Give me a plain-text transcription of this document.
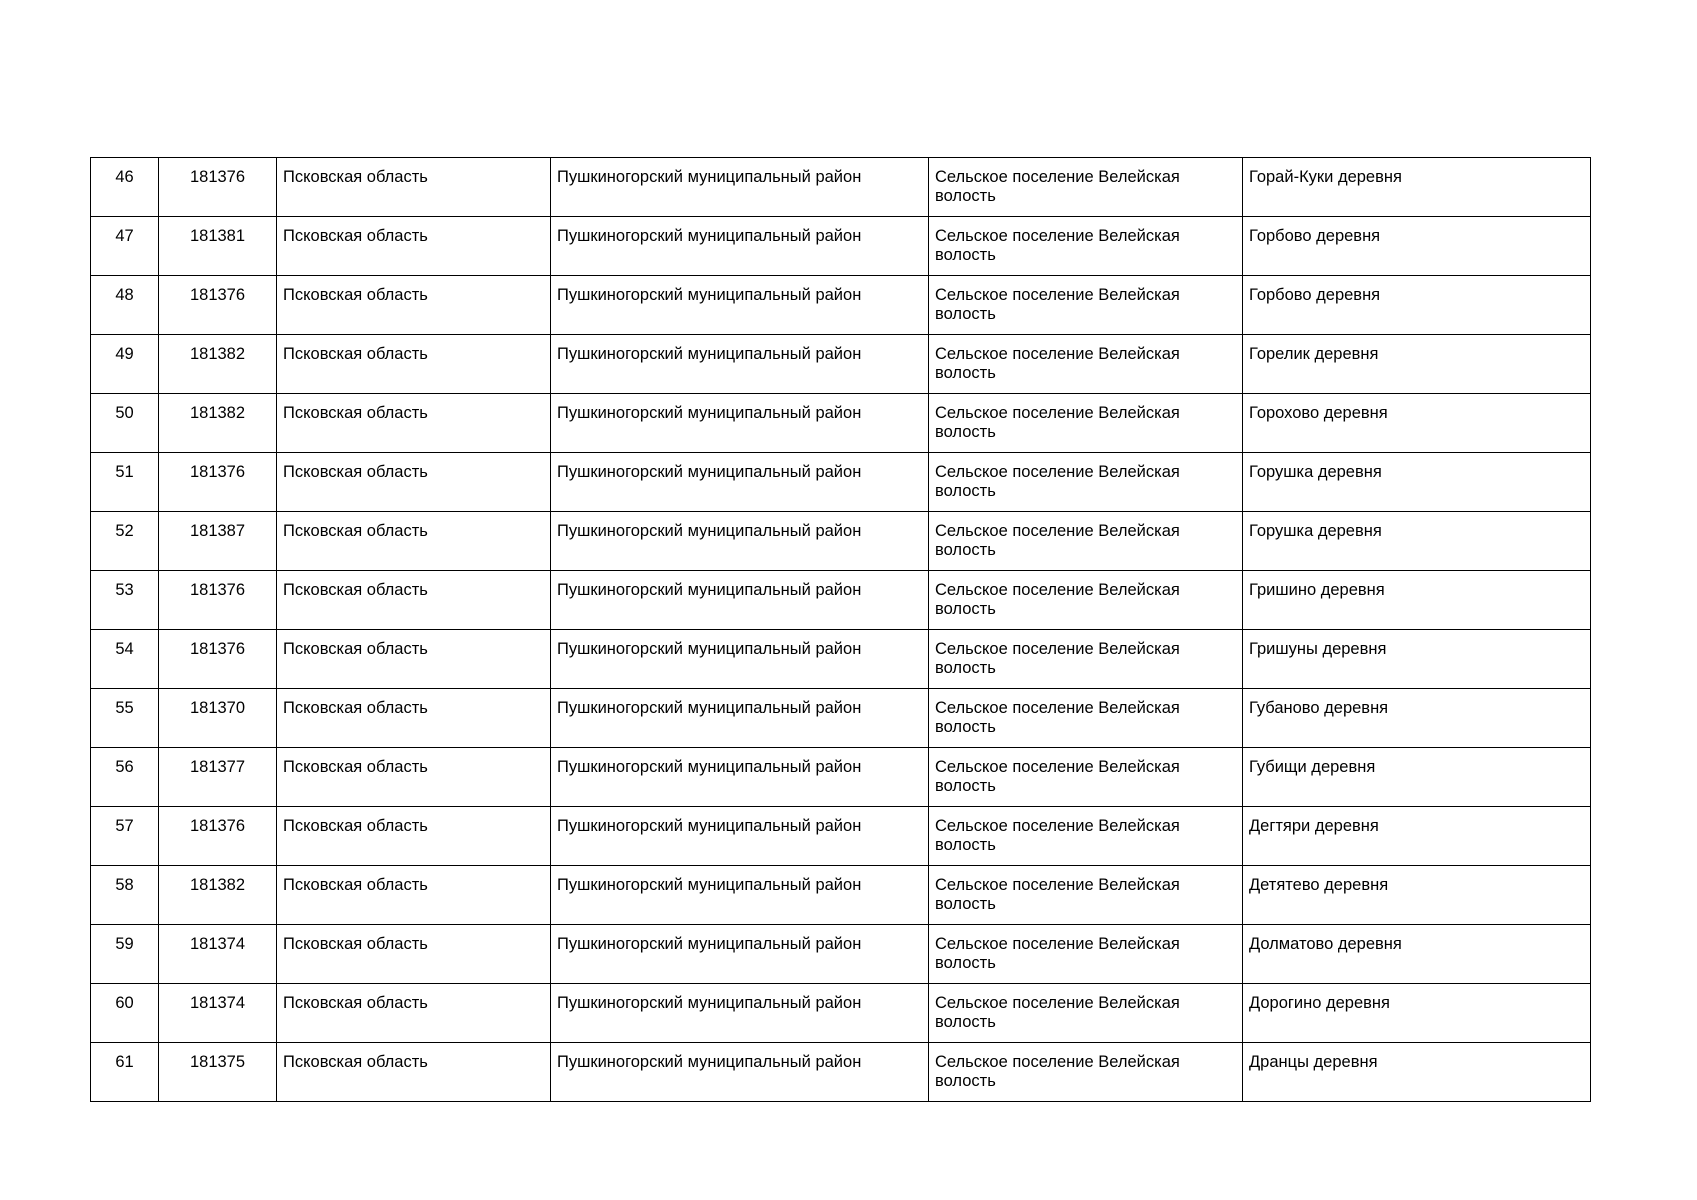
46	181376	Псковская область	Пушкиногорский муниципальный район	Сельское поселение Велейская волость	Горай-Куки деревня
47	181381	Псковская область	Пушкиногорский муниципальный район	Сельское поселение Велейская волость	Горбово деревня
48	181376	Псковская область	Пушкиногорский муниципальный район	Сельское поселение Велейская волость	Горбово деревня
49	181382	Псковская область	Пушкиногорский муниципальный район	Сельское поселение Велейская волость	Горелик деревня
50	181382	Псковская область	Пушкиногорский муниципальный район	Сельское поселение Велейская волость	Горохово деревня
51	181376	Псковская область	Пушкиногорский муниципальный район	Сельское поселение Велейская волость	Горушка деревня
52	181387	Псковская область	Пушкиногорский муниципальный район	Сельское поселение Велейская волость	Горушка деревня
53	181376	Псковская область	Пушкиногорский муниципальный район	Сельское поселение Велейская волость	Гришино деревня
54	181376	Псковская область	Пушкиногорский муниципальный район	Сельское поселение Велейская волость	Гришуны деревня
55	181370	Псковская область	Пушкиногорский муниципальный район	Сельское поселение Велейская волость	Губаново деревня
56	181377	Псковская область	Пушкиногорский муниципальный район	Сельское поселение Велейская волость	Губищи деревня
57	181376	Псковская область	Пушкиногорский муниципальный район	Сельское поселение Велейская волость	Дегтяри деревня
58	181382	Псковская область	Пушкиногорский муниципальный район	Сельское поселение Велейская волость	Детятево деревня
59	181374	Псковская область	Пушкиногорский муниципальный район	Сельское поселение Велейская волость	Долматово деревня
60	181374	Псковская область	Пушкиногорский муниципальный район	Сельское поселение Велейская волость	Дорогино деревня
61	181375	Псковская область	Пушкиногорский муниципальный район	Сельское поселение Велейская волость	Дранцы деревня
